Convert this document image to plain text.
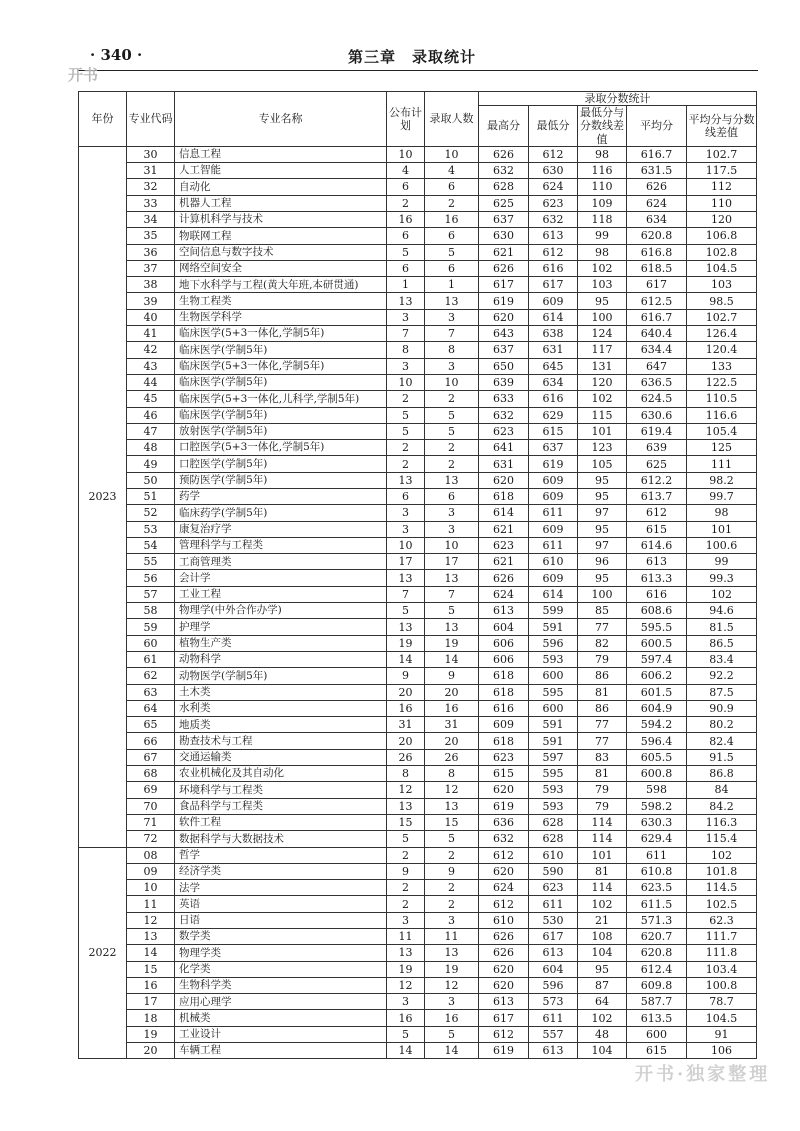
· 340 ·	第三章　录取统计
开书
年份	专业代码	专业名称	公布计划	录取人数	录取分数统计				
					最高分	最低分	最低分与分数线差值	平均分	平均分与分数线差值
2023	30	信息工程	10	10	626	612	98	616.7	102.7
	31	人工智能	4	4	632	630	116	631.5	117.5
	32	自动化	6	6	628	624	110	626	112
	33	机器人工程	2	2	625	623	109	624	110
	34	计算机科学与技术	16	16	637	632	118	634	120
	35	物联网工程	6	6	630	613	99	620.8	106.8
	36	空间信息与数字技术	5	5	621	612	98	616.8	102.8
	37	网络空间安全	6	6	626	616	102	618.5	104.5
	38	地下水科学与工程(黄大年班,本研贯通)	1	1	617	617	103	617	103
	39	生物工程类	13	13	619	609	95	612.5	98.5
	40	生物医学科学	3	3	620	614	100	616.7	102.7
	41	临床医学(5+3一体化,学制5年)	7	7	643	638	124	640.4	126.4
	42	临床医学(学制5年)	8	8	637	631	117	634.4	120.4
	43	临床医学(5+3一体化,学制5年)	3	3	650	645	131	647	133
	44	临床医学(学制5年)	10	10	639	634	120	636.5	122.5
	45	临床医学(5+3一体化,儿科学,学制5年)	2	2	633	616	102	624.5	110.5
	46	临床医学(学制5年)	5	5	632	629	115	630.6	116.6
	47	放射医学(学制5年)	5	5	623	615	101	619.4	105.4
	48	口腔医学(5+3一体化,学制5年)	2	2	641	637	123	639	125
	49	口腔医学(学制5年)	2	2	631	619	105	625	111
	50	预防医学(学制5年)	13	13	620	609	95	612.2	98.2
	51	药学	6	6	618	609	95	613.7	99.7
	52	临床药学(学制5年)	3	3	614	611	97	612	98
	53	康复治疗学	3	3	621	609	95	615	101
	54	管理科学与工程类	10	10	623	611	97	614.6	100.6
	55	工商管理类	17	17	621	610	96	613	99
	56	会计学	13	13	626	609	95	613.3	99.3
	57	工业工程	7	7	624	614	100	616	102
	58	物理学(中外合作办学)	5	5	613	599	85	608.6	94.6
	59	护理学	13	13	604	591	77	595.5	81.5
	60	植物生产类	19	19	606	596	82	600.5	86.5
	61	动物科学	14	14	606	593	79	597.4	83.4
	62	动物医学(学制5年)	9	9	618	600	86	606.2	92.2
	63	土木类	20	20	618	595	81	601.5	87.5
	64	水利类	16	16	616	600	86	604.9	90.9
	65	地质类	31	31	609	591	77	594.2	80.2
	66	勘查技术与工程	20	20	618	591	77	596.4	82.4
	67	交通运输类	26	26	623	597	83	605.5	91.5
	68	农业机械化及其自动化	8	8	615	595	81	600.8	86.8
	69	环境科学与工程类	12	12	620	593	79	598	84
	70	食品科学与工程类	13	13	619	593	79	598.2	84.2
	71	软件工程	15	15	636	628	114	630.3	116.3
	72	数据科学与大数据技术	5	5	632	628	114	629.4	115.4
2022	08	哲学	2	2	612	610	101	611	102
	09	经济学类	9	9	620	590	81	610.8	101.8
	10	法学	2	2	624	623	114	623.5	114.5
	11	英语	2	2	612	611	102	611.5	102.5
	12	日语	3	3	610	530	21	571.3	62.3
	13	数学类	11	11	626	617	108	620.7	111.7
	14	物理学类	13	13	626	613	104	620.8	111.8
	15	化学类	19	19	620	604	95	612.4	103.4
	16	生物科学类	12	12	620	596	87	609.8	100.8
	17	应用心理学	3	3	613	573	64	587.7	78.7
	18	机械类	16	16	617	611	102	613.5	104.5
	19	工业设计	5	5	612	557	48	600	91
	20	车辆工程	14	14	619	613	104	615	106
开书·独家整理
